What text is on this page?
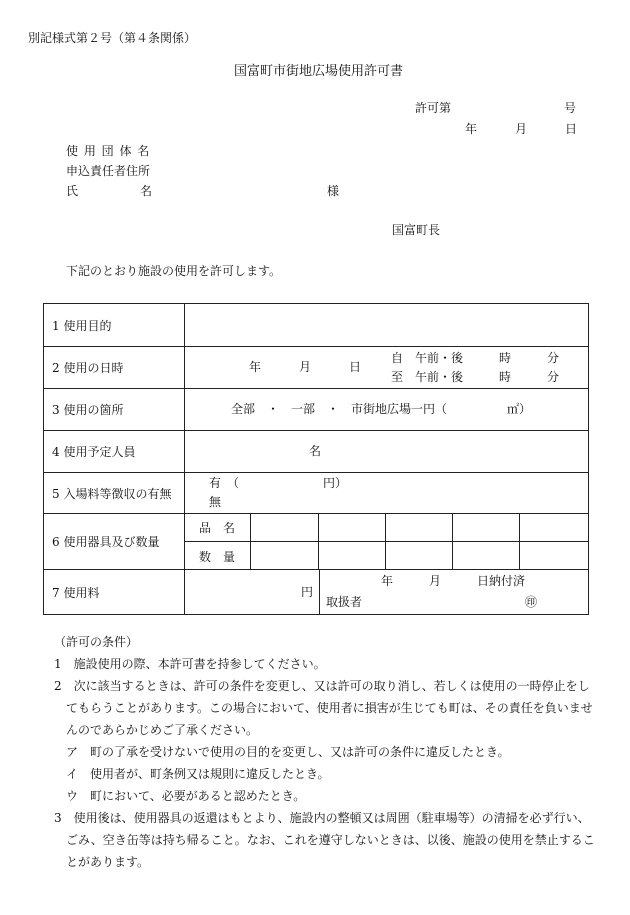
別記様式第２号（第４条関係）
国富町市街地広場使用許可書
許可第	号
年	月	日
使 用 団 体 名
申込責任者住所
氏	名	様
国富町長
下記のとおり施設の使用を許可します。
1 使用目的
2 使用の日時	年	月	日
自　午前・後　　　時　　　分
至　午前・後　　　時　　　分
3 使用の箇所	全部　・　一部　・　市街地広場一円（　　　　　㎡）
4 使用予定人員	名
5 入場料等徴収の有無
有　（　　　　　　　円）
無
6 使用器具及び数量
品　名
数　量
7 使用料	円
年　　　月　　　日納付済
取扱者	㊞
（許可の条件）
1　施設使用の際、本許可書を持参してください。
2　次に該当するときは、許可の条件を変更し、又は許可の取り消し、若しくは使用の一時停止をし
てもらうことがあります。この場合において、使用者に損害が生じても町は、その責任を負いませ
んのであらかじめご了承ください。
ア　町の了承を受けないで使用の目的を変更し、又は許可の条件に違反したとき。
イ　使用者が、町条例又は規則に違反したとき。
ウ　町において、必要があると認めたとき。
3　使用後は、使用器具の返還はもとより、施設内の整頓又は周囲（駐車場等）の清掃を必ず行い、
ごみ、空き缶等は持ち帰ること。なお、これを遵守しないときは、以後、施設の使用を禁止するこ
とがあります。
